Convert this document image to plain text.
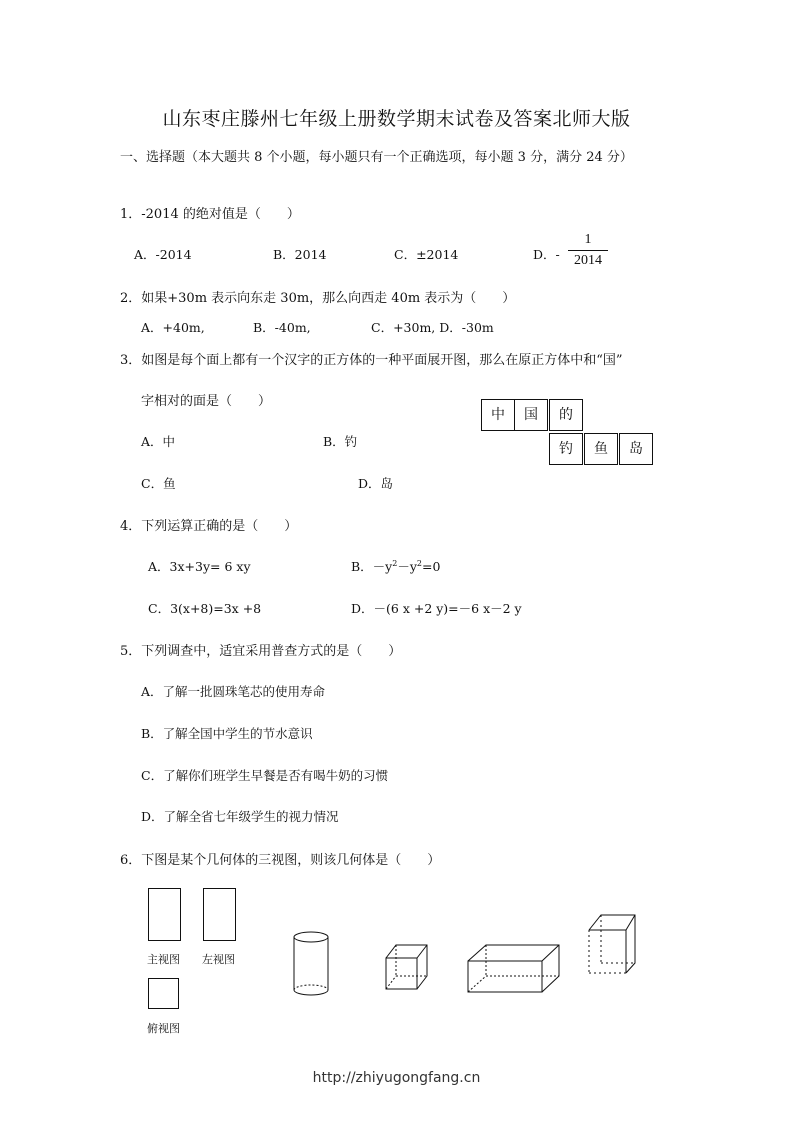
山东枣庄滕州七年级上册数学期末试卷及答案北师大版
一、选择题（本大题共 8 个小题，每小题只有一个正确选项，每小题 3 分，满分 24 分）
1．-2014 的绝对值是（　　）
A．-2014	B．2014	C．±2014	D．-
1
2014
2．如果+30m 表示向东走 30m，那么向西走 40m 表示为（　　）
A．+40m,	B．-40m,	C．+30m, D．-30m
3．如图是每个面上都有一个汉字的正方体的一种平面展开图，那么在原正方体中和“国”
字相对的面是（　　）
A．中	B．钓
C．鱼	D．岛
中	国	的
钓	鱼	岛
4．下列运算正确的是（　　）
A．3x+3y= 6 xy	B．$-y^2-y^2=0$
C．3(x+8)=3x +8	D．－(6 x +2 y)=－6 x－2 y
5．下列调查中，适宜采用普查方式的是（　　）
A．了解一批圆珠笔芯的使用寿命
B．了解全国中学生的节水意识
C．了解你们班学生早餐是否有喝牛奶的习惯
D．了解全省七年级学生的视力情况
6．下图是某个几何体的三视图，则该几何体是（　　）
主视图 左视图
俯视图
http://zhiyugongfang.cn
